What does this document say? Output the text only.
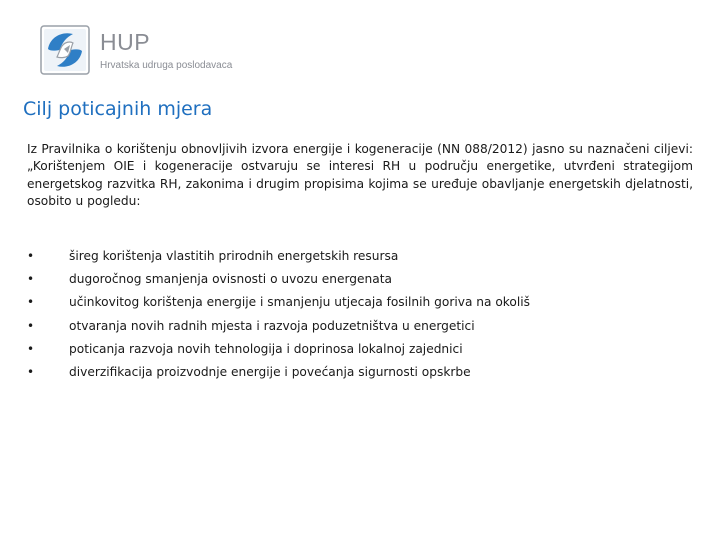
HUP
Hrvatska udruga poslodavaca
Cilj poticajnih mjera

Iz Pravilnika o korištenju obnovljivih izvora energije i kogeneracije (NN 088/2012) jasno su naznačeni ciljevi: „Korištenjem OIE i kogeneracije ostvaruju se interesi RH u području energetike, utvrđeni strategijom energetskog razvitka RH, zakonima i drugim propisima kojima se uređuje obavljanje energetskih djelatnosti, osobito u pogledu:

•	šireg korištenja vlastitih prirodnih energetskih resursa
•	dugoročnog smanjenja ovisnosti o uvozu energenata
•	učinkovitog korištenja energije i smanjenju utjecaja fosilnih goriva na okoliš
•	otvaranja novih radnih mjesta i razvoja poduzetništva u energetici
•	poticanja razvoja novih tehnologija i doprinosa lokalnoj zajednici
•	diverzifikacija proizvodnje energije i povećanja sigurnosti opskrbe
